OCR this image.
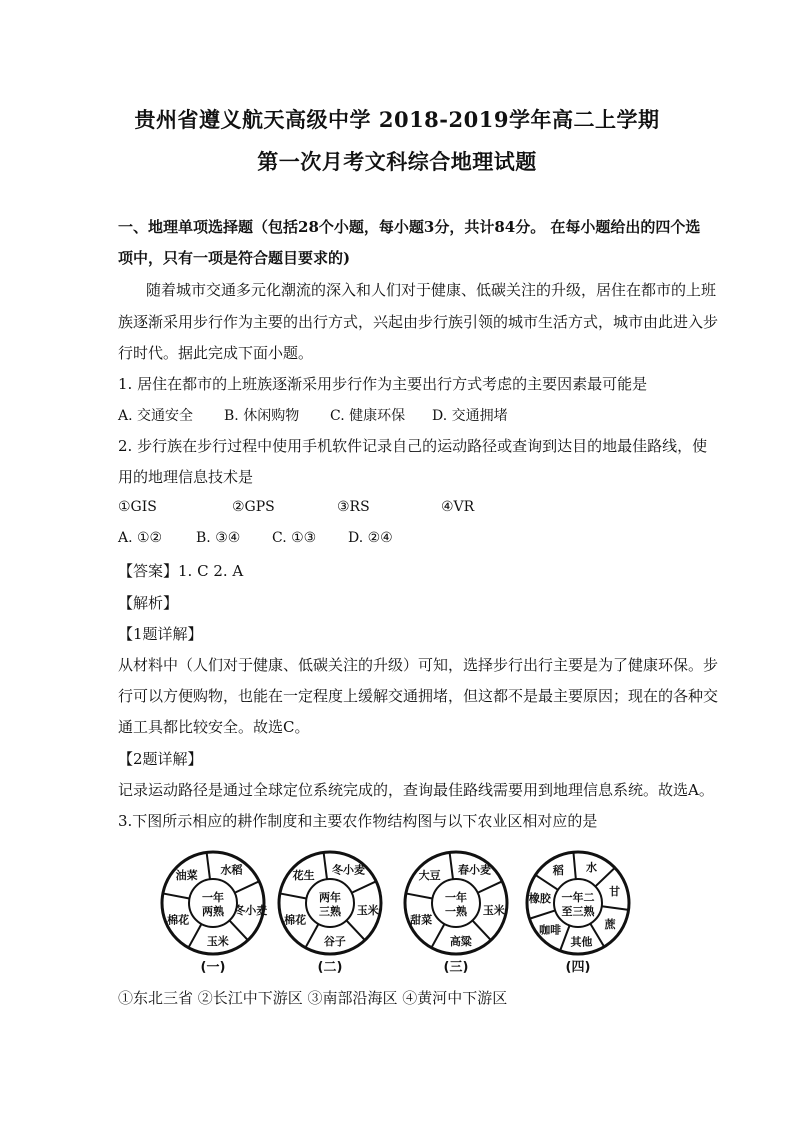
贵州省遵义航天高级中学 2018-2019学年高二上学期
第一次月考文科综合地理试题
一、地理单项选择题（包括28个小题，每小题3分，共计84分。 在每小题给出的四个选
项中，只有一项是符合题目要求的)
随着城市交通多元化潮流的深入和人们对于健康、低碳关注的升级，居住在都市的上班
族逐渐采用步行作为主要的出行方式，兴起由步行族引领的城市生活方式，城市由此进入步
行时代。据此完成下面小题。
1. 居住在都市的上班族逐渐采用步行作为主要出行方式考虑的主要因素最可能是
A. 交通安全 B. 休闲购物 C. 健康环保 D. 交通拥堵
2. 步行族在步行过程中使用手机软件记录自己的运动路径或查询到达目的地最佳路线，使
用的地理信息技术是
①GIS	②GPS	③RS	④VR
A. ①② B. ③④ C. ①③ D. ②④
【答案】1. C 2. A
【解析】
【1题详解】
从材料中（人们对于健康、低碳关注的升级）可知，选择步行出行主要是为了健康环保。步
行可以方便购物，也能在一定程度上缓解交通拥堵，但这都不是最主要原因；现在的各种交
通工具都比较安全。故选C。
【2题详解】
记录运动路径是通过全球定位系统完成的，查询最佳路线需要用到地理信息系统。故选A。
3.下图所示相应的耕作制度和主要农作物结构图与以下农业区相对应的是
水稻
冬小麦
玉米
棉花
油菜
一年
两熟
(一)
冬小麦
玉米
谷子
棉花
花生
两年
三熟
(二)
春小麦
玉米
高粱
甜菜
大豆
一年
一熟
(三)
水
甘
蔗
其他
咖啡
橡胶
稻
一年二
至三熟
(四)
①东北三省 ②长江中下游区 ③南部沿海区 ④黄河中下游区
